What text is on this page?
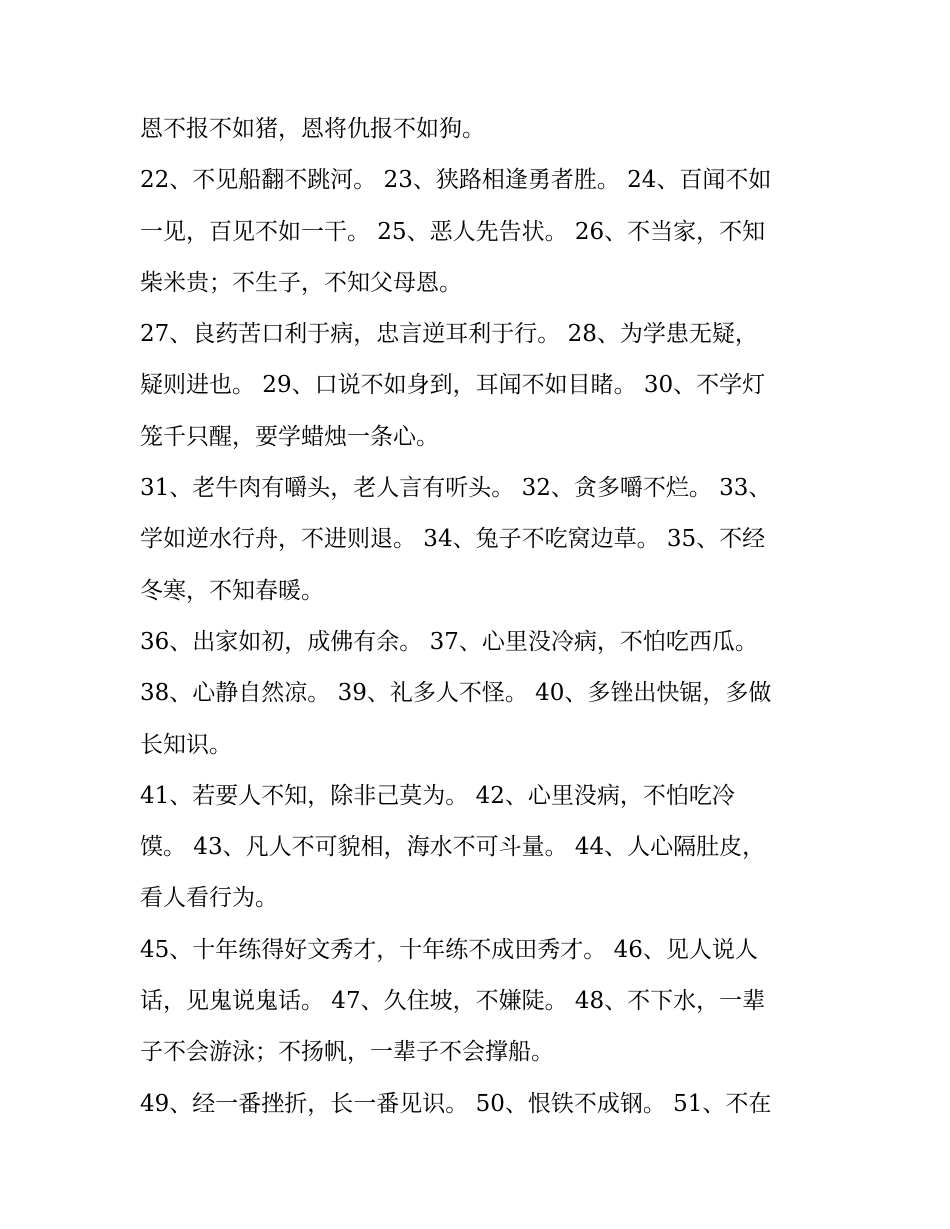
恩不报不如猪，恩将仇报不如狗。
22、不见船翻不跳河。 23、狭路相逢勇者胜。 24、百闻不如
一见，百见不如一干。 25、恶人先告状。 26、不当家，不知
柴米贵；不生子，不知父母恩。
27、良药苦口利于病，忠言逆耳利于行。 28、为学患无疑，
疑则进也。 29、口说不如身到，耳闻不如目睹。 30、不学灯
笼千只醒，要学蜡烛一条心。
31、老牛肉有嚼头，老人言有听头。 32、贪多嚼不烂。 33、
学如逆水行舟，不进则退。 34、兔子不吃窝边草。 35、不经
冬寒，不知春暖。
36、出家如初，成佛有余。 37、心里没冷病，不怕吃西瓜。
38、心静自然凉。 39、礼多人不怪。 40、多锉出快锯，多做
长知识。
41、若要人不知，除非己莫为。 42、心里没病，不怕吃冷
馍。 43、凡人不可貌相，海水不可斗量。 44、人心隔肚皮，
看人看行为。
45、十年练得好文秀才，十年练不成田秀才。 46、见人说人
话，见鬼说鬼话。 47、久住坡，不嫌陡。 48、不下水，一辈
子不会游泳；不扬帆，一辈子不会撑船。
49、经一番挫折，长一番见识。 50、恨铁不成钢。 51、不在
